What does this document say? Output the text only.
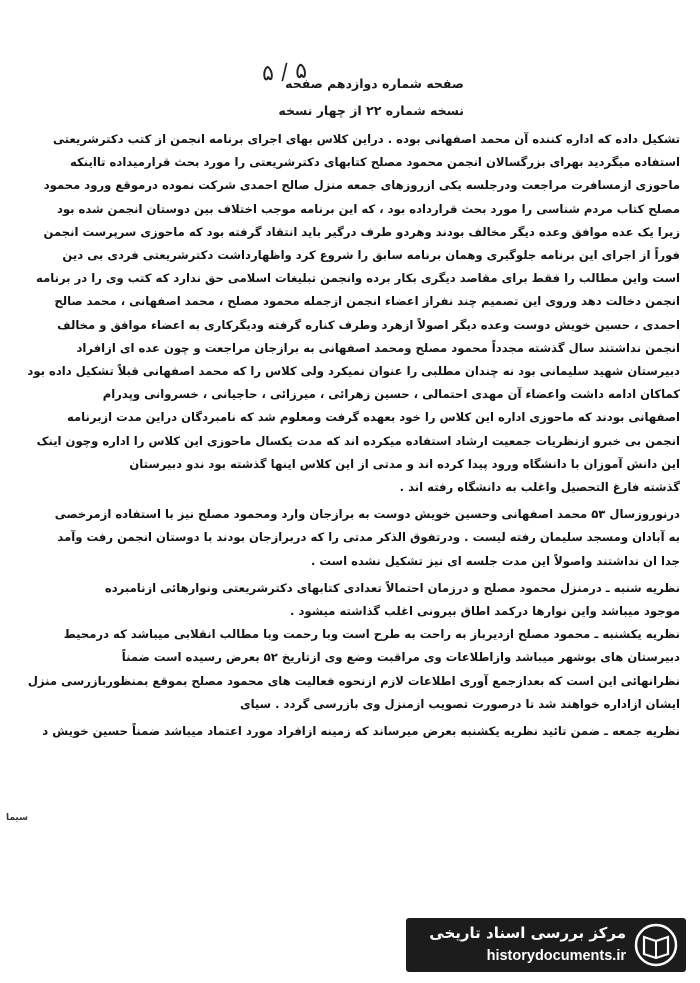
۵ / ۵
صفحه شماره دوازدهم صفحه
نسخه شماره ۲۲ از چهار نسخه
تشکیل داده که اداره کننده آن محمد اصفهانی بوده . دراین کلاس بهای اجرای برنامه انجمن از کتب دکترشریعتی
استفاده میگردید بهرای بزرگسالان انجمن محمود مصلح کتابهای دکترشریعتی را مورد بحث قرارمیداده تااینکه
ماحوزی ازمسافرت مراجعت ودرجلسه یکی ازروزهای جمعه منزل صالح احمدی شرکت نموده درموقع ورود محمود
مصلح کتاب مردم شناسی را مورد بحث قرارداده بود ، که این برنامه موجب اختلاف بین دوستان انجمن شده بود
زیرا یک عده موافق وعده دیگر مخالف بودند وهردو طرف درگیر باید انتقاد گرفته بود که ماحوزی سرپرست انجمن
فوراً از اجرای این برنامه جلوگیری وهمان برنامه سابق را شروع کرد واظهارداشت دکترشریعتی فردی بی دین
است واین مطالب را فقط برای مقاصد دیگری بکار برده وانجمن تبلیغات اسلامی حق ندارد که کتب وی را در برنامه
انجمن دخالت دهد وروی این تصمیم چند نفراز اعضاء انجمن ازجمله محمود مصلح ، محمد اصفهانی ، محمد صالح
احمدی ، حسین خویش دوست وعده دیگر اصولاً ازهرد وطرف کناره گرفته ودیگرکاری به اعضاء موافق و مخالف
انجمن نداشتند سال گذشته مجدداً محمود مصلح ومحمد اصفهانی به برازجان مراجعت و چون عده ای ازافراد
دبیرستان شهید سلیمانی بود نه چندان مطلبی را عنوان نمیکرد ولی کلاس را که محمد اصفهانی قبلاً تشکیل داده بود
کماکان ادامه داشت واعضاء آن مهدی احتمالی ، حسین زهرائی ، میرزائی ، حاجیانی ، خسروانی وپدرام
اصفهانی بودند که ماحوزی اداره این کلاس را خود بعهده گرفت ومعلوم شد که نامبردگان دراین مدت ازبرنامه
انجمن بی خبرو ازنظریات جمعیت ارشاد استفاده میکرده اند که مدت یکسال ماحوزی این کلاس را اداره وچون اینک
این دانش آموزان با دانشگاه ورود پیدا کرده اند و مدتی از این کلاس اینها گذشته بود ندو دبیرستان
گذشته فارغ التحصیل واغلب به دانشگاه رفته اند .
درنوروزسال ۵۳ محمد اصفهانی وحسین خویش دوست به برازجان وارد ومحمود مصلح نیز با استفاده ازمرخصی
به آبادان ومسجد سلیمان رفته لیست . ودرتفوق الذکر مدتی را که دربرازجان بودند با دوستان انجمن رفت وآمد
جدا ان نداشتند واصولاً این مدت جلسه ای نیز تشکیل نشده است .
نظریه شنبه ـ درمنزل محمود مصلح و درزمان احتمالاً تعدادی کتابهای دکترشریعتی ونوارهائی ازنامبرده
موجود میباشد واین نوارها درکمد اطاق بیرونی اغلب گذاشته میشود .
نظریه یکشنبه ـ محمود مصلح ازدیرباز به راحت به طرح است وبا رحمت وبا مطالب انقلابی میباشد که درمحیط
دبیرستان های بوشهر میباشد وازاطلاعات وی مراقبت وضع وی ازتاریخ ۵۲ بعرض رسیده است ضمناً
نظرانهائی این است که بعدازجمع آوری اطلاعات لازم ازنحوه فعالیت های محمود مصلح بموقع بمنظوربازرسی منزل
ایشان ازاداره خواهند شد تا درصورت تصویب ازمنزل وی بازرسی گردد . سیای
نظریه جمعه ـ ضمن تائید نظریه یکشنبه بعرض میرساند که زمینه ازافراد مورد اعتماد میباشد ضمناً حسین خویش د
سیما
مرکز بررسی اسناد تاریخی
historydocuments.ir
